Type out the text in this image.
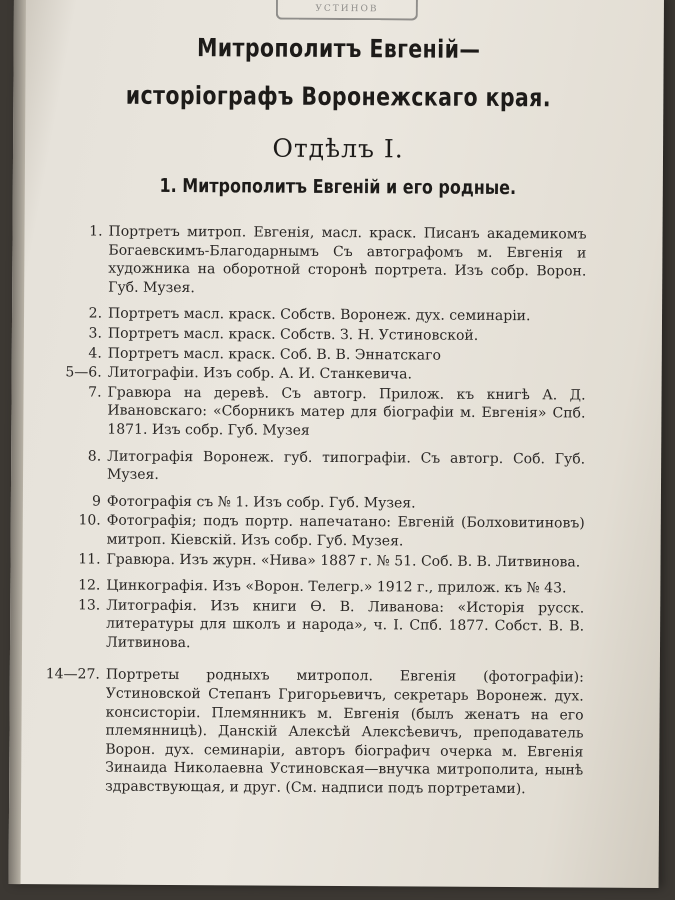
УСТИНОВ
Митрополитъ Евгеній—
исторіографъ Воронежскаго края.
Отдѣлъ I.
1. Митрополитъ Евгеній и его родные.
1. Портретъ митроп. Евгенія, масл. краск. Писанъ академикомъ Богаевскимъ-Благодарнымъ Съ автографомъ м. Евгенія и художника на оборотной сторонѣ портрета. Изъ собр. Ворон. Губ. Музея.
2. Портретъ масл. краск. Собств. Воронеж. дух. семинаріи.
3. Портретъ масл. краск. Собств. З. Н. Устиновской.
4. Портретъ масл. краск. Соб. В. В. Эннатскаго
5—6. Литографіи. Изъ собр. А. И. Станкевича.
7. Гравюра на деревѣ. Съ автогр. Прилож. къ книгѣ А. Д. Ивановскаго: «Сборникъ матер для біографіи м. Евгенія» Спб. 1871. Изъ собр. Губ. Музея
8. Литографія Воронеж. губ. типографіи. Съ автогр. Соб. Губ. Музея.
9 Фотографія съ № 1. Изъ собр. Губ. Музея.
10. Фотографія; подъ портр. напечатано: Евгеній (Болховитиновъ) митроп. Кіевскій. Изъ собр. Губ. Музея.
11. Гравюра. Изъ журн. «Нива» 1887 г. № 51. Соб. В. В. Литвинова.
12. Цинкографія. Изъ «Ворон. Телегр.» 1912 г., прилож. къ № 43.
13. Литографія. Изъ книги Ѳ. В. Ливанова: «Исторія русск. литературы для школъ и народа», ч. I. Спб. 1877. Собст. В. В. Литвинова.
14—27. Портреты родныхъ митропол. Евгенія (фотографіи): Устиновской Степанъ Григорьевичъ, секретарь Воронеж. дух. консисторіи. Племянникъ м. Евгенія (былъ женатъ на его племянницѣ). Данскій Алексѣй Алексѣевичъ, преподаватель Ворон. дух. семинаріи, авторъ біографич очерка м. Евгенія Зинаида Николаевна Устиновская—внучка митрополита, нынѣ здравствующая, и друг. (См. надписи подъ портретами).
